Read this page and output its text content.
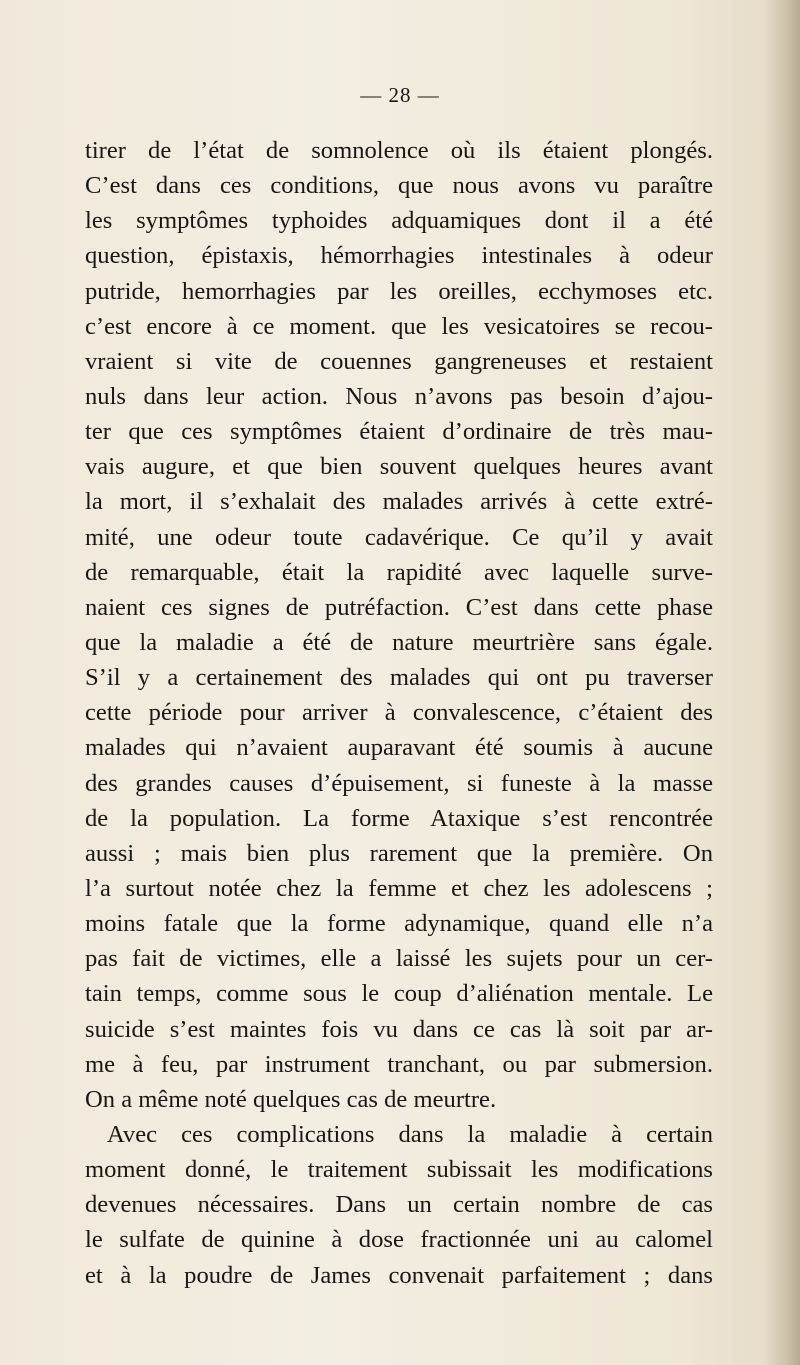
— 28 —
tirer de l’état de somnolence où ils étaient plongés.
C’est dans ces conditions, que nous avons vu paraître
les symptômes typhoides adquamiques dont il a été
question, épistaxis, hémorrhagies intestinales à odeur
putride, hemorrhagies par les oreilles, ecchymoses etc.
c’est encore à ce moment. que les vesicatoires se recou-
vraient si vite de couennes gangreneuses et restaient
nuls dans leur action. Nous n’avons pas besoin d’ajou-
ter que ces symptômes étaient d’ordinaire de très mau-
vais augure, et que bien souvent quelques heures avant
la mort, il s’exhalait des malades arrivés à cette extré-
mité, une odeur toute cadavérique. Ce qu’il y avait
de remarquable, était la rapidité avec laquelle surve-
naient ces signes de putréfaction. C’est dans cette phase
que la maladie a été de nature meurtrière sans égale.
S’il y a certainement des malades qui ont pu traverser
cette période pour arriver à convalescence, c’étaient des
malades qui n’avaient auparavant été soumis à aucune
des grandes causes d’épuisement, si funeste à la masse
de la population. La forme Ataxique s’est rencontrée
aussi ; mais bien plus rarement que la première. On
l’a surtout notée chez la femme et chez les adolescens ;
moins fatale que la forme adynamique, quand elle n’a
pas fait de victimes, elle a laissé les sujets pour un cer-
tain temps, comme sous le coup d’aliénation mentale. Le
suicide s’est maintes fois vu dans ce cas là soit par ar-
me à feu, par instrument tranchant, ou par submersion.
On a même noté quelques cas de meurtre.
Avec ces complications dans la maladie à certain
moment donné, le traitement subissait les modifications
devenues nécessaires. Dans un certain nombre de cas
le sulfate de quinine à dose fractionnée uni au calomel
et à la poudre de James convenait parfaitement ; dans
